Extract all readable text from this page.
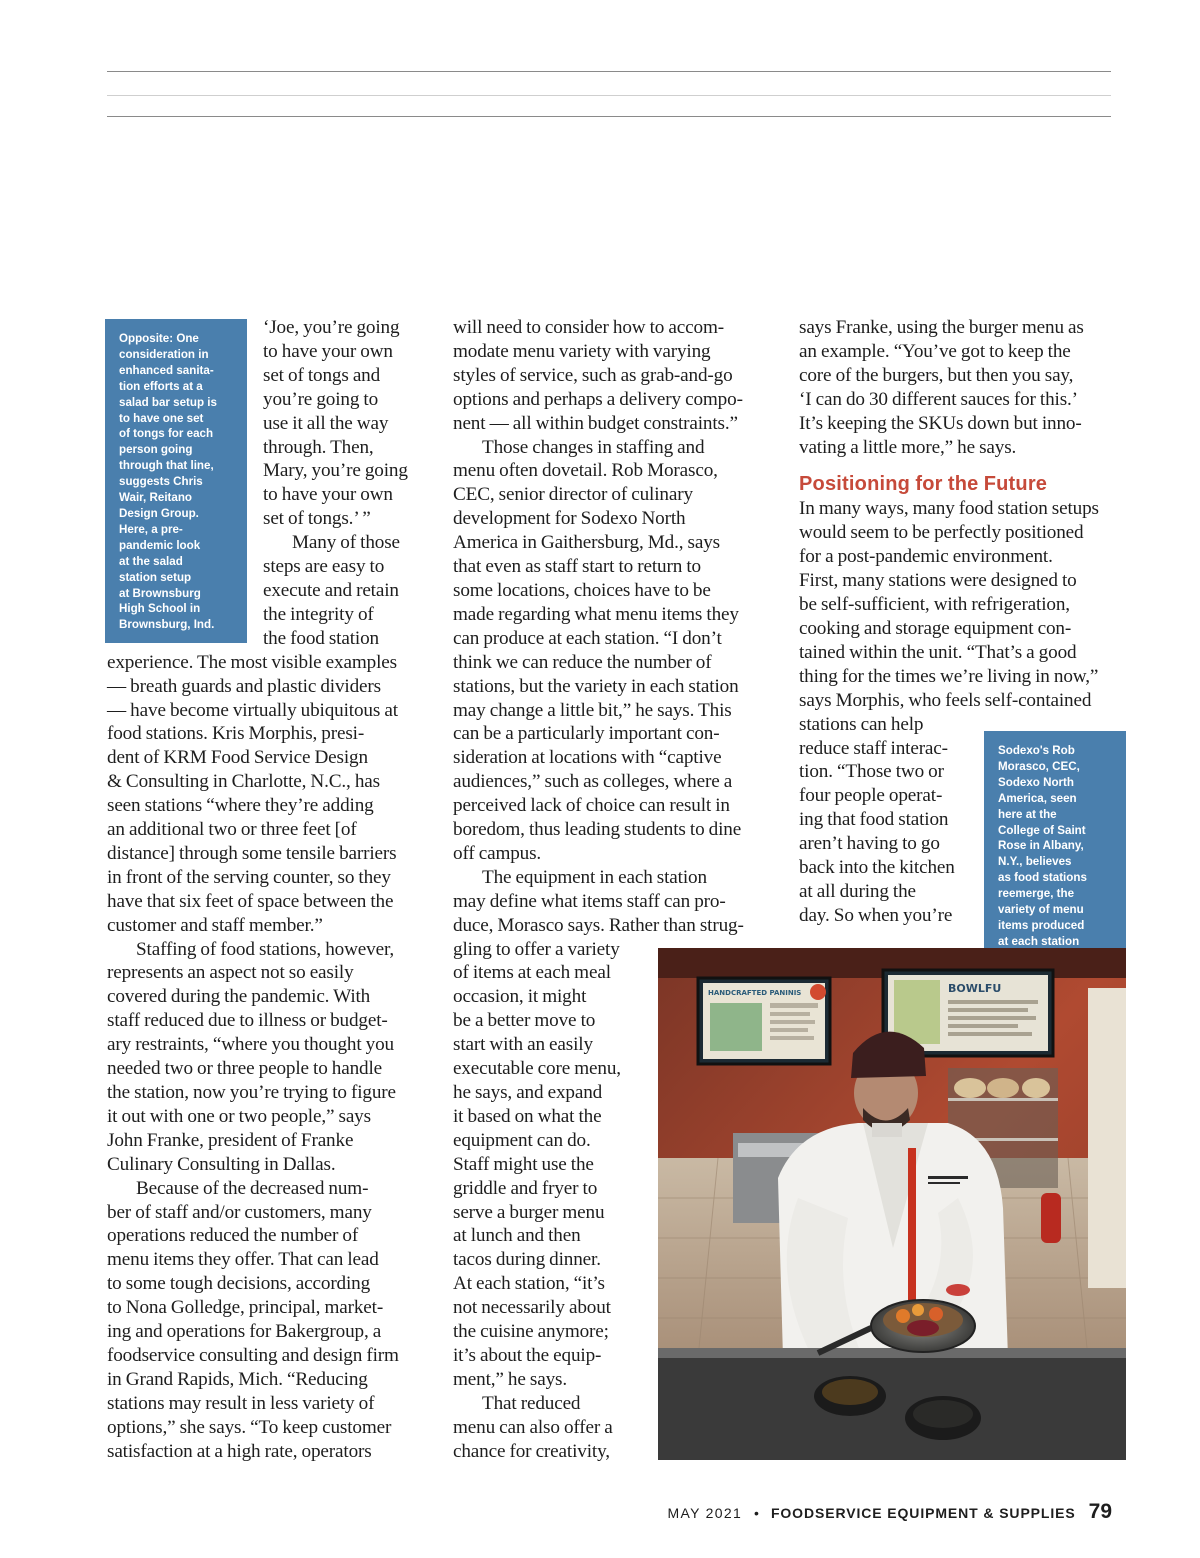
‘Joe, you’re going
to have your own
set of tongs and
you’re going to
use it all the way
through. Then,
Mary, you’re going
to have your own
set of tongs.’ ”

Many of those
steps are easy to
execute and retain
the integrity of
the food station
experience. The most visible examples
— breath guards and plastic dividers
— have become virtually ubiquitous at
food stations. Kris Morphis, presi-
dent of KRM Food Service Design
& Consulting in Charlotte, N.C., has
seen stations “where they’re adding
an additional two or three feet [of
distance] through some tensile barriers
in front of the serving counter, so they
have that six feet of space between the
customer and staff member.”

Staffing of food stations, however,
represents an aspect not so easily
covered during the pandemic. With
staff reduced due to illness or budget-
ary restraints, “where you thought you
needed two or three people to handle
the station, now you’re trying to figure
it out with one or two people,” says
John Franke, president of Franke
Culinary Consulting in Dallas.

Because of the decreased num-
ber of staff and/or customers, many
operations reduced the number of
menu items they offer. That can lead
to some tough decisions, according
to Nona Golledge, principal, market-
ing and operations for Bakergroup, a
foodservice consulting and design firm
in Grand Rapids, Mich. “Reducing
stations may result in less variety of
options,” she says. “To keep customer
satisfaction at a high rate, operators

Opposite: One
consideration in
enhanced sanita-
tion efforts at a
salad bar setup is
to have one set
of tongs for each
person going
through that line,
suggests Chris
Wair, Reitano
Design Group.
Here, a pre-
pandemic look
at the salad
station setup
at Brownsburg
High School in
Brownsburg, Ind.

will need to consider how to accom-
modate menu variety with varying
styles of service, such as grab-and-go
options and perhaps a delivery compo-
nent — all within budget constraints.”

Those changes in staffing and
menu often dovetail. Rob Morasco,
CEC, senior director of culinary
development for Sodexo North
America in Gaithersburg, Md., says
that even as staff start to return to
some locations, choices have to be
made regarding what menu items they
can produce at each station. “I don’t
think we can reduce the number of
stations, but the variety in each station
may change a little bit,” he says. This
can be a particularly important con-
sideration at locations with “captive
audiences,” such as colleges, where a
perceived lack of choice can result in
boredom, thus leading students to dine
off campus.

The equipment in each station
may define what items staff can pro-
duce, Morasco says. Rather than strug-
gling to offer a variety
of items at each meal
occasion, it might
be a better move to
start with an easily
executable core menu,
he says, and expand
it based on what the
equipment can do.
Staff might use the
griddle and fryer to
serve a burger menu
at lunch and then
tacos during dinner.
At each station, “it’s
not necessarily about
the cuisine anymore;
it’s about the equip-
ment,” he says.

That reduced
menu can also offer a
chance for creativity,

says Franke, using the burger menu as
an example. “You’ve got to keep the
core of the burgers, but then you say,
‘I can do 30 different sauces for this.’
It’s keeping the SKUs down but inno-
vating a little more,” he says.

Positioning for the Future

In many ways, many food station setups
would seem to be perfectly positioned
for a post-pandemic environment.
First, many stations were designed to
be self-sufficient, with refrigeration,
cooking and storage equipment con-
tained within the unit. “That’s a good
thing for the times we’re living in now,”
says Morphis, who feels self-contained
stations can help
reduce staff interac-
tion. “Those two or
four people operat-
ing that food station
aren’t having to go
back into the kitchen
at all during the
day. So when you’re

Sodexo's Rob
Morasco, CEC,
Sodexo North
America, seen
here at the
College of Saint
Rose in Albany,
N.Y., believes
as food stations
reemerge, the
variety of menu
items produced
at each station
HANDCRAFTED PANINIS	BOWLFU
MAY 2021 • FOODSERVICE EQUIPMENT & SUPPLIES 79
